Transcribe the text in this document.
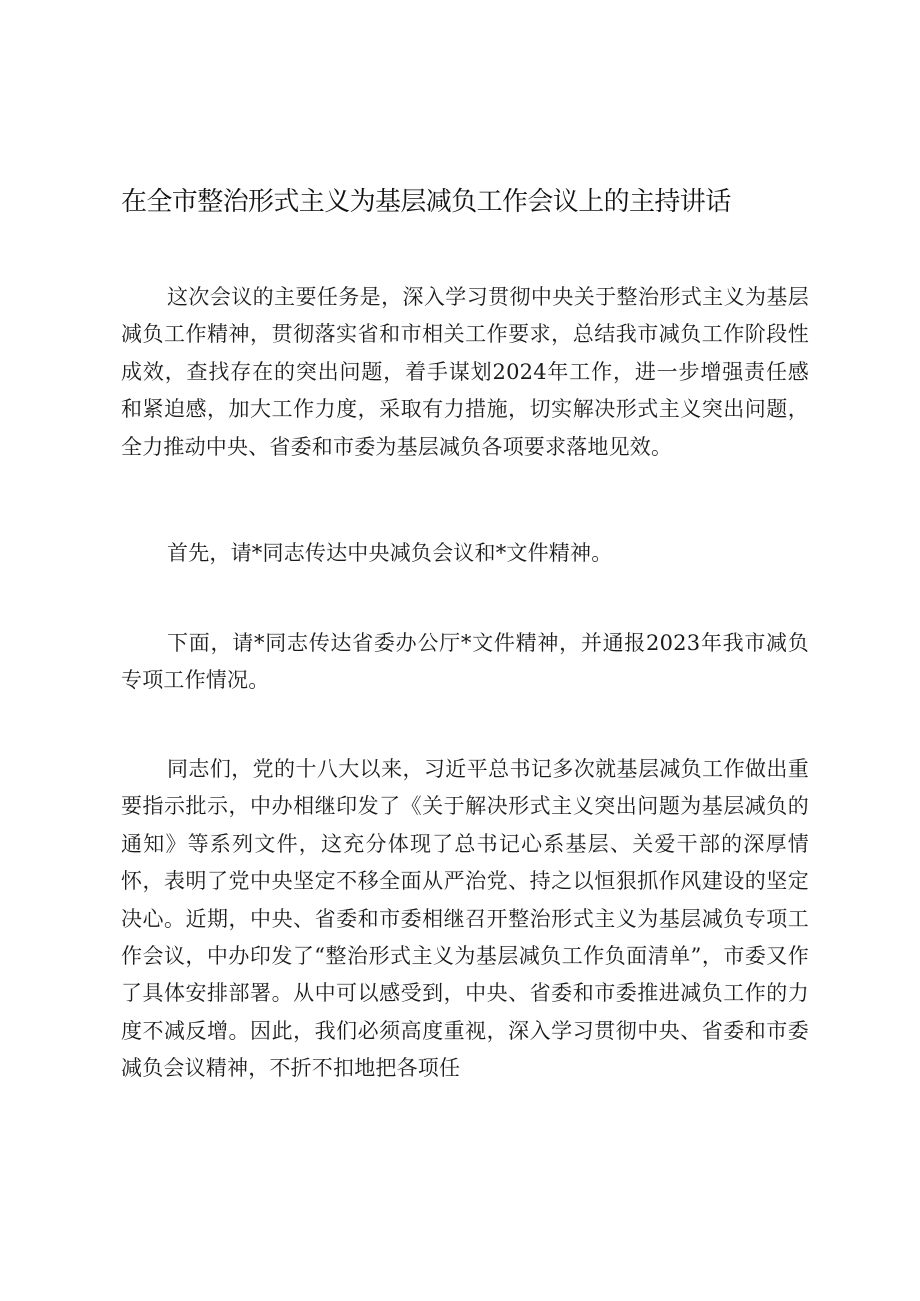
在全市整治形式主义为基层减负工作会议上的主持讲话

这次会议的主要任务是，深入学习贯彻中央关于整治形式主义为基层减负工作精神，贯彻落实省和市相关工作要求，总结我市减负工作阶段性成效，查找存在的突出问题，着手谋划2024年工作，进一步增强责任感和紧迫感，加大工作力度，采取有力措施，切实解决形式主义突出问题，全力推动中央、省委和市委为基层减负各项要求落地见效。

首先，请*同志传达中央减负会议和*文件精神。

下面，请*同志传达省委办公厅*文件精神，并通报2023年我市减负专项工作情况。

同志们，党的十八大以来，习近平总书记多次就基层减负工作做出重要指示批示，中办相继印发了《关于解决形式主义突出问题为基层减负的通知》等系列文件，这充分体现了总书记心系基层、关爱干部的深厚情怀，表明了党中央坚定不移全面从严治党、持之以恒狠抓作风建设的坚定决心。近期，中央、省委和市委相继召开整治形式主义为基层减负专项工作会议，中办印发了“整治形式主义为基层减负工作负面清单”，市委又作了具体安排部署。从中可以感受到，中央、省委和市委推进减负工作的力度不减反增。因此，我们必须高度重视，深入学习贯彻中央、省委和市委减负会议精神，不折不扣地把各项任
